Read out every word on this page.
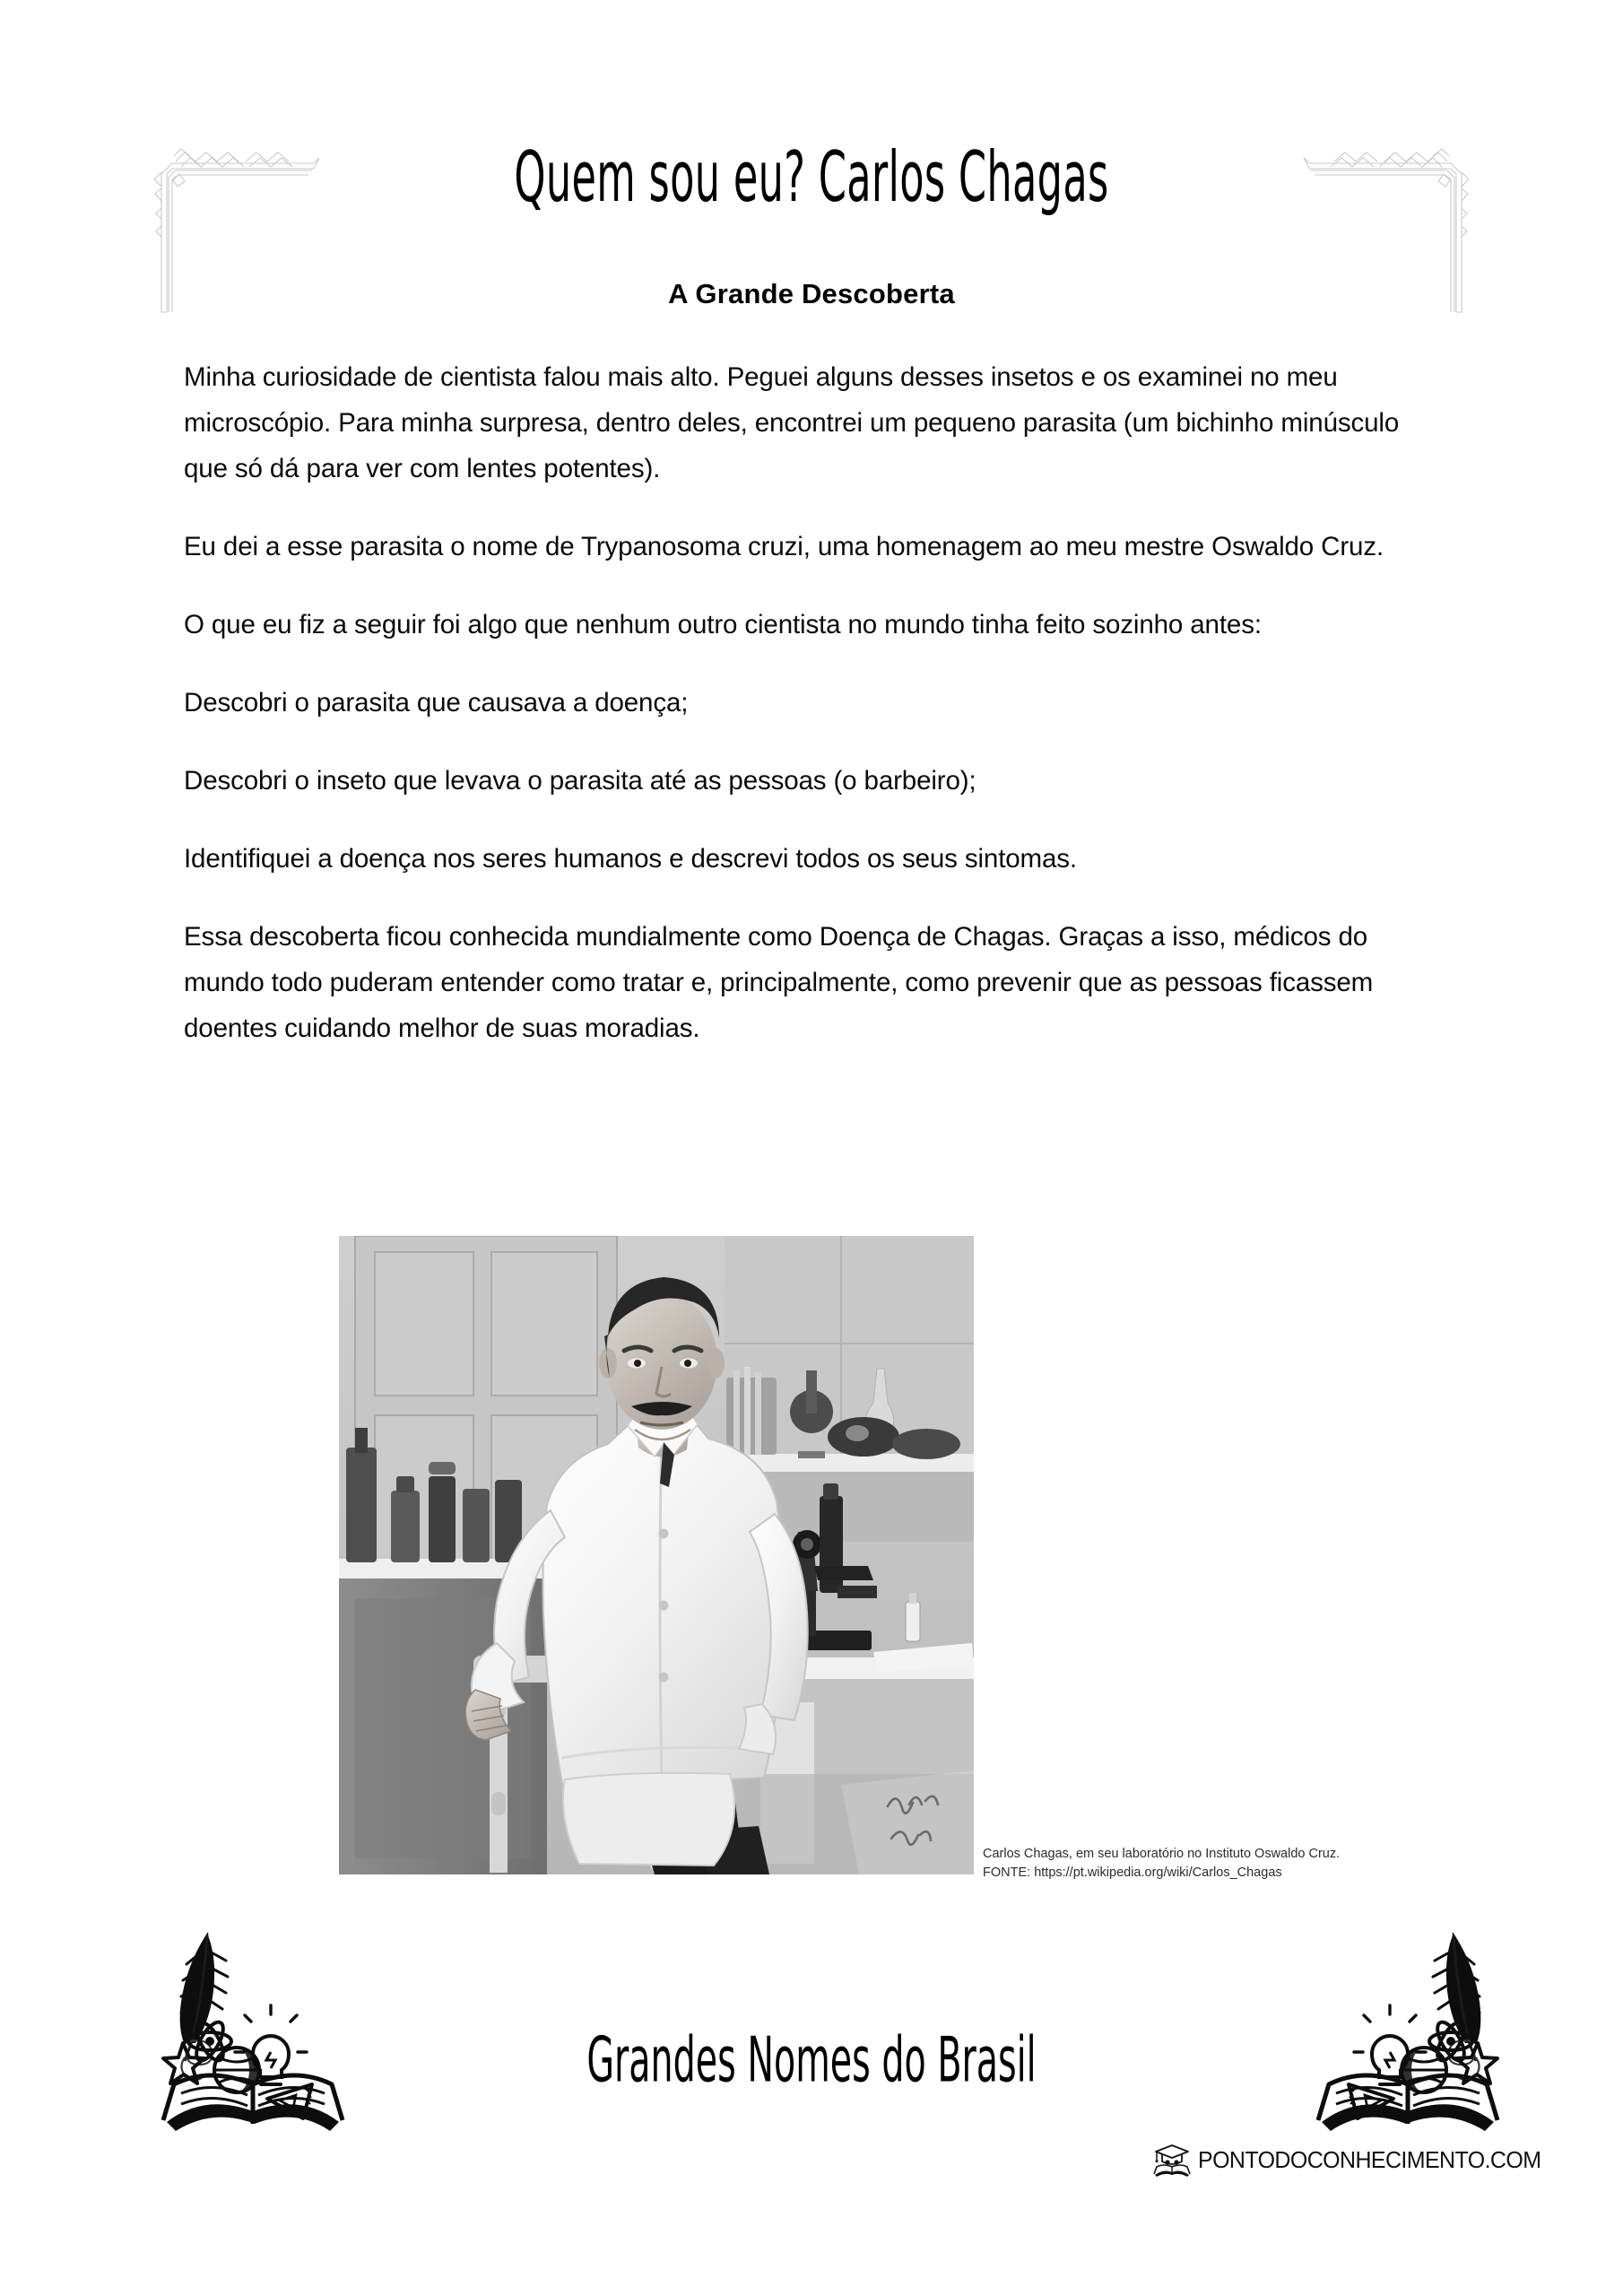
Quem sou eu? Carlos Chagas
A Grande Descoberta

Minha curiosidade de cientista falou mais alto. Peguei alguns desses insetos e os examinei no meu microscópio. Para minha surpresa, dentro deles, encontrei um pequeno parasita (um bichinho minúsculo que só dá para ver com lentes potentes).

Eu dei a esse parasita o nome de Trypanosoma cruzi, uma homenagem ao meu mestre Oswaldo Cruz.

O que eu fiz a seguir foi algo que nenhum outro cientista no mundo tinha feito sozinho antes:

Descobri o parasita que causava a doença;

Descobri o inseto que levava o parasita até as pessoas (o barbeiro);

Identifiquei a doença nos seres humanos e descrevi todos os seus sintomas.

Essa descoberta ficou conhecida mundialmente como Doença de Chagas. Graças a isso, médicos do mundo todo puderam entender como tratar e, principalmente, como prevenir que as pessoas ficassem doentes cuidando melhor de suas moradias.

Carlos Chagas, em seu laboratório no Instituto Oswaldo Cruz.
FONTE: https://pt.wikipedia.org/wiki/Carlos_Chagas
Grandes Nomes do Brasil
PONTODOCONHECIMENTO.COM
